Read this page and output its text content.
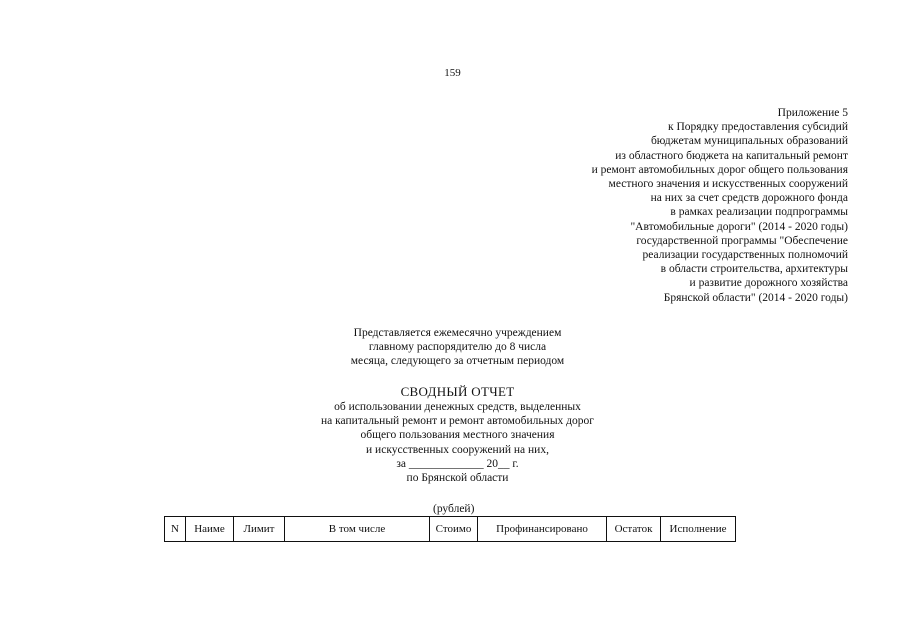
159
Приложение 5
к Порядку предоставления субсидий
бюджетам муниципальных образований
из областного бюджета на капитальный ремонт
и ремонт автомобильных дорог общего пользования
местного значения и искусственных сооружений
на них за счет средств дорожного фонда
в рамках реализации подпрограммы
"Автомобильные дороги" (2014 - 2020 годы)
государственной программы "Обеспечение
реализации государственных полномочий
в области строительства, архитектуры
и развитие дорожного хозяйства
Брянской области" (2014 - 2020 годы)
Представляется ежемесячно учреждением
главному распорядителю до 8 числа
месяца, следующего за отчетным периодом
СВОДНЫЙ ОТЧЕТ
об использовании денежных средств, выделенных
на капитальный ремонт и ремонт автомобильных дорог
общего пользования местного значения
и искусственных сооружений на них,
за _____________ 20__ г.
по Брянской области
(рублей)
N	Наиме	Лимит	В том числе	Стоимо	Профинансировано	Остаток	Исполнение
